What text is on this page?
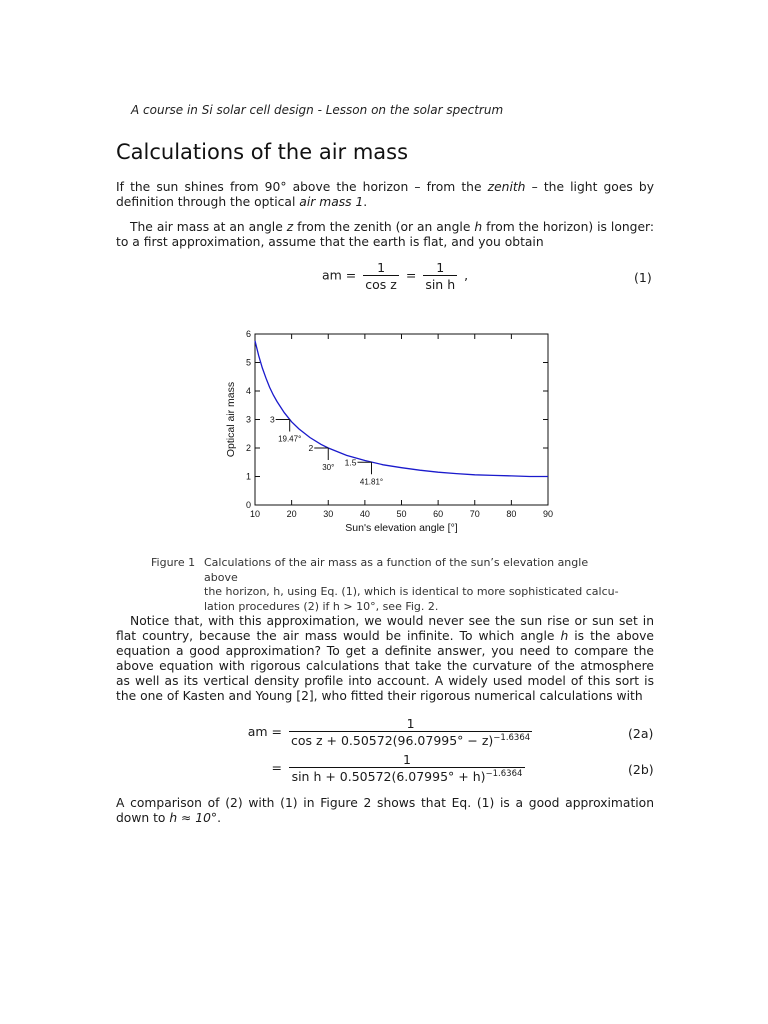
A course in Si solar cell design - Lesson on the solar spectrum
Calculations of the air mass

If the sun shines from 90° above the horizon – from the zenith – the light goes by definition through the optical air mass 1.

The air mass at an angle z from the zenith (or an angle h from the horizon) is longer: to a first approximation, assume that the earth is flat, and you obtain

am = $\frac{1}{\text{cos z}} = \frac{1}{\text{sin h}}$ ,	(1)
10	20	30	40	50	60	70	80	90
0
1
2
3
4
5
6
Sun's elevation angle [°]
Optical air mass	3
19.47°
2
30°
1.5
41.81°
Figure 1 Calculations of the air mass as a function of the sun’s elevation angle above
the horizon, h, using Eq. (1), which is identical to more sophisticated calcu-
lation procedures (2) if h > 10°, see Fig. 2.

Notice that, with this approximation, we would never see the sun rise or sun set in flat country, because the air mass would be infinite. To which angle h is the above equation a good approximation? To get a definite answer, you need to compare the above equation with rigorous calculations that take the curvature of the atmosphere as well as its vertical density profile into account. A widely used model of this sort is the one of Kasten and Young [2], who fitted their rigorous numerical calculations with

am = $\frac{1}{\cos z + 0.50572(96.07995^\circ - z)^{-1.6364}}$	(2a)
= $\frac{1}{\sin h + 0.50572(6.07995^\circ + h)^{-1.6364}}$	(2b)

A comparison of (2) with (1) in Figure 2 shows that Eq. (1) is a good approximation down to h ≈ 10°.
